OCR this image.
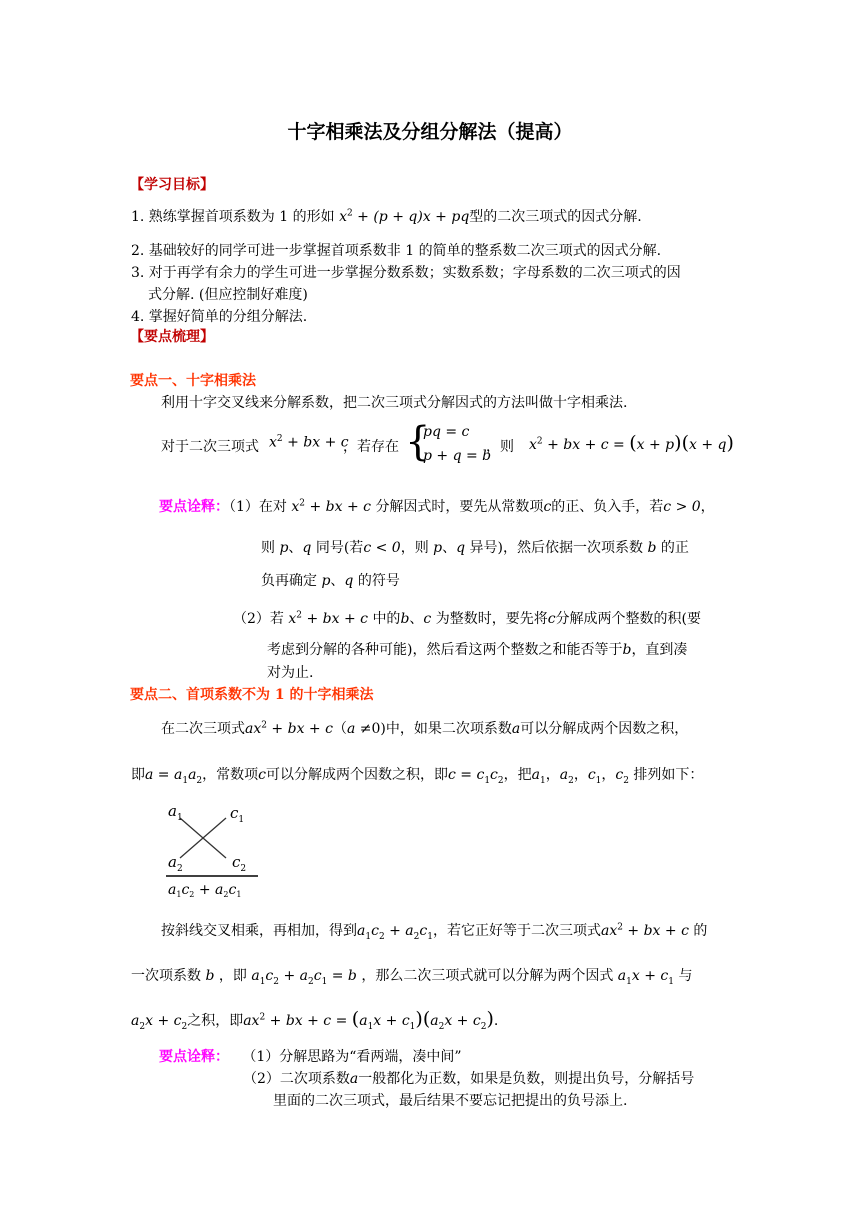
十字相乘法及分组分解法（提高）
【学习目标】
1. 熟练掌握首项系数为 1 的形如 $x^2 + (p + q)x$ + pq型的二次三项式的因式分解.
2. 基础较好的同学可进一步掌握首项系数非 1 的简单的整系数二次三项式的因式分解.
3. 对于再学有余力的学生可进一步掌握分数系数；实数系数；字母系数的二次三项式的因
式分解. (但应控制好难度)
4. 掌握好简单的分组分解法.
【要点梳理】
要点一、十字相乘法
利用十字交叉线来分解系数，把二次三项式分解因式的方法叫做十字相乘法.
对于二次三项式 $x^2$ + bx + c
，若存在 {
pq = c
p + q = b
，则 $x^2$ + bx + c = (x + p)(x + q)
要点诠释：（1）在对 $x^2$ + bx + c 分解因式时，要先从常数项c的正、负入手，若c > 0，
则 p、q 同号(若c < 0，则 p、q 异号)，然后依据一次项系数 b 的正
负再确定 p、q 的符号
（2）若 $x^2$ + bx + c 中的b、c 为整数时，要先将c分解成两个整数的积(要
考虑到分解的各种可能)，然后看这两个整数之和能否等于b，直到凑
对为止.
要点二、首项系数不为 1 的十字相乘法
在二次三项式$ax^2$ + bx + c（a ≠0)中，如果二次项系数a可以分解成两个因数之积，
即$a = a_1a_2$，常数项c可以分解成两个因数之积，即$c = c_1c_2$，把$a_1$，$a_2$，$c_1$，$c_2$ 排列如下：
$a_1$	$c_1$
$a_2$	$c_2$
$a_1c_2 + a_2c_1$
按斜线交叉相乘，再相加，得到$a_1c_2 + a_2c_1$，若它正好等于二次三项式$ax^2$ + bx + c 的
一次项系数 b ，即 $a_1c_2 + a_2c_1 = b$ ，那么二次三项式就可以分解为两个因式 $a_1x + c_1$ 与
$a_2x + c_2$之积，即$ax^2$ + bx + $c = (a_1x + c_1)(a_2x + c_2)$.
要点诠释： （1）分解思路为“看两端，凑中间”
（2）二次项系数a一般都化为正数，如果是负数，则提出负号，分解括号
里面的二次三项式，最后结果不要忘记把提出的负号添上.
